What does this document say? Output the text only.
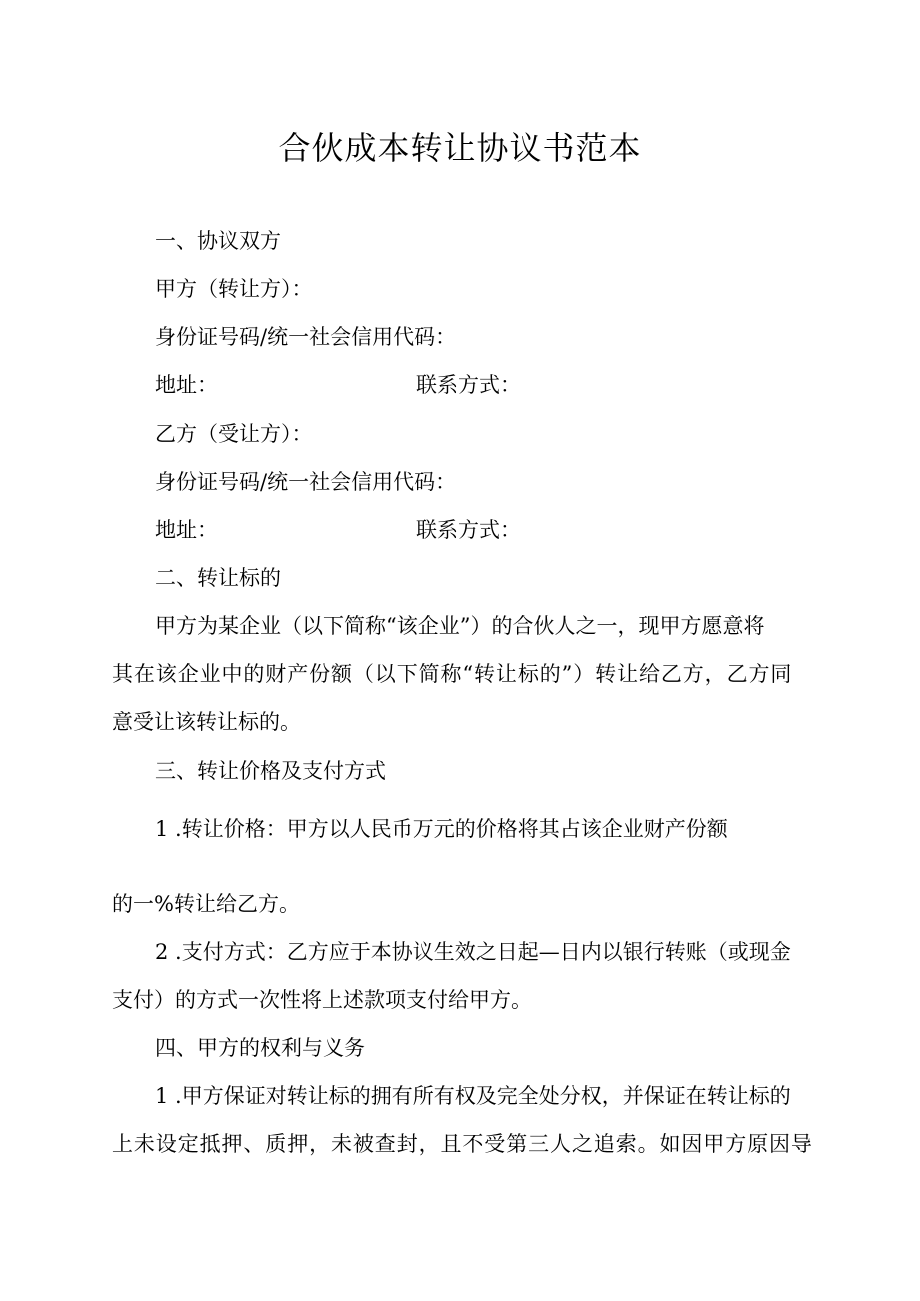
合伙成本转让协议书范本
一、协议双方
甲方（转让方）：
身份证号码/统一社会信用代码：
地址：	联系方式：
乙方（受让方）：
身份证号码/统一社会信用代码：
地址：	联系方式：
二、转让标的
甲方为某企业（以下简称“该企业”）的合伙人之一，现甲方愿意将
其在该企业中的财产份额（以下简称“转让标的”）转让给乙方，乙方同
意受让该转让标的。
三、转让价格及支付方式
1 .转让价格：甲方以人民币万元的价格将其占该企业财产份额
的一%转让给乙方。
2 .支付方式：乙方应于本协议生效之日起—日内以银行转账（或现金
支付）的方式一次性将上述款项支付给甲方。
四、甲方的权利与义务
1 .甲方保证对转让标的拥有所有权及完全处分权，并保证在转让标的
上未设定抵押、质押，未被查封，且不受第三人之追索。如因甲方原因导
